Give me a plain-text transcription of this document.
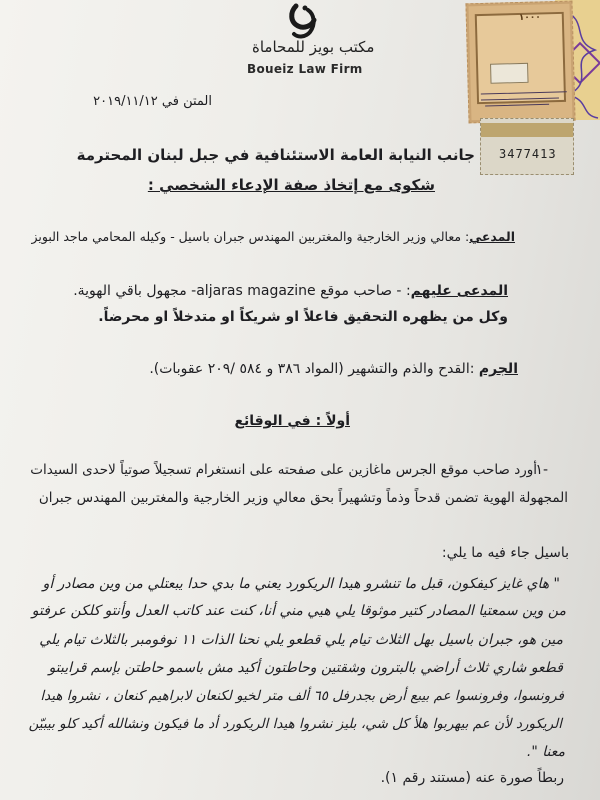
مكتب بويز للمحاماة
Boueiz Law Firm
١٠٠٠
3477413
المتن في ٢٠١٩/١١/١٢
جانب النيابة العامة الاستئنافية في جبل لبنان المحترمة
شكوى مع إتخاذ صفة الإدعاء الشخصي :
المدعي: معالي وزير الخارجية والمغتربين المهندس جبران باسيل - وكيله المحامي ماجد البويز
المدعى عليهم: - صاحب موقع aljaras magazine- مجهول باقي الهوية.
وكل من يظهره التحقيق فاعلاً او شريكاً او متدخلاً او محرضاً.
الجرم :القدح والذم والتشهير (المواد ٣٨٦ و ٥٨٤ /٢٠٩ عقوبات).
أولاً : في الوقائع
١-
أورد صاحب موقع الجرس ماغازين على صفحته على انستغرام تسجيلاً صوتياً لاحدى السيدات
المجهولة الهوية تضمن قدحاً وذماً وتشهيراً بحق معالي وزير الخارجية والمغتربين المهندس جبران
باسيل جاء فيه ما يلي:
" هاي غايز كيفكون، قبل ما تنشرو هيدا الريكورد يعني ما بدي حدا يبعتلي من وين مصادر أو
من وين سمعتيا المصادر كتير موثوقا يلي هيي مني أنا، كنت عند كاتب العدل وأنتو كلكن عرفتو
مين هو، جبران باسيل بهل الثلاث تيام يلي قطعو يلي نحنا الذات ١١ نوفومبر بالثلاث تيام يلي
قطعو شاري ثلاث أراضي بالبترون وشقتين وحاطتون أكيد مش باسمو حاطتن بإسم قرايبتو
فرونسوا، وفرونسوا عم بيبع أرض بجدرفل ٦٥ ألف متر لخيو لكنعان لابراهيم كنعان ، نشروا هيدا
الريكورد لأن عم بيهربوا هلأ كل شي، بليز نشروا هيدا الريكورد أد ما فيكون ونشالله أكيد كلو بيبيّن
معنا ".
ربطاً صورة عنه (مستند رقم ١).
